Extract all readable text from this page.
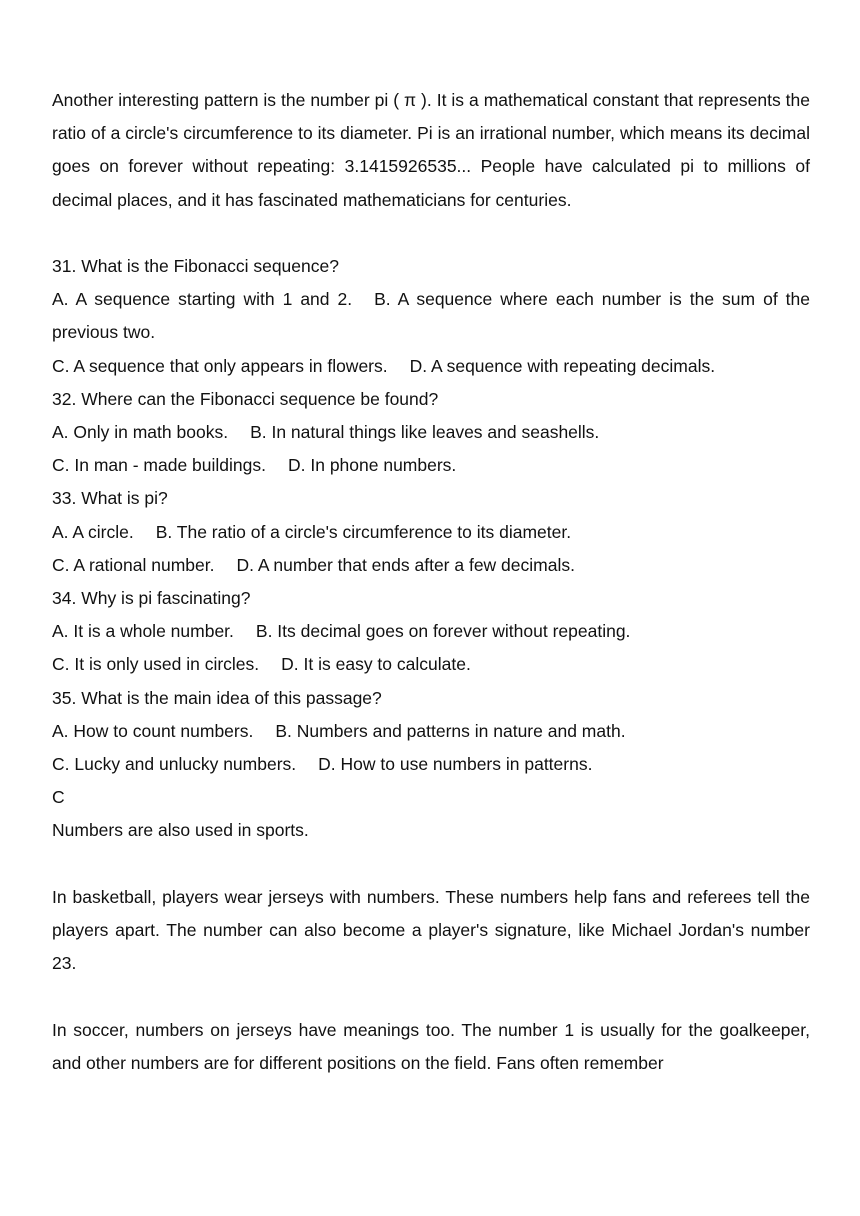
Another interesting pattern is the number pi ( π ). It is a mathematical constant that represents the ratio of a circle's circumference to its diameter. Pi is an irrational number, which means its decimal goes on forever without repeating: 3.1415926535... People have calculated pi to millions of decimal places, and it has fascinated mathematicians for centuries.

31. What is the Fibonacci sequence?

A. A sequence starting with 1 and 2. B. A sequence where each number is the sum of the previous two.

C. A sequence that only appears in flowers. D. A sequence with repeating decimals.

32. Where can the Fibonacci sequence be found?

A. Only in math books. B. In natural things like leaves and seashells.

C. In man - made buildings. D. In phone numbers.

33. What is pi?

A. A circle. B. The ratio of a circle's circumference to its diameter.

C. A rational number. D. A number that ends after a few decimals.

34. Why is pi fascinating?

A. It is a whole number. B. Its decimal goes on forever without repeating.

C. It is only used in circles. D. It is easy to calculate.

35. What is the main idea of this passage?

A. How to count numbers. B. Numbers and patterns in nature and math.

C. Lucky and unlucky numbers. D. How to use numbers in patterns.

C

Numbers are also used in sports.

In basketball, players wear jerseys with numbers. These numbers help fans and referees tell the players apart. The number can also become a player's signature, like Michael Jordan's number 23.

In soccer, numbers on jerseys have meanings too. The number 1 is usually for the goalkeeper, and other numbers are for different positions on the field. Fans often remember
